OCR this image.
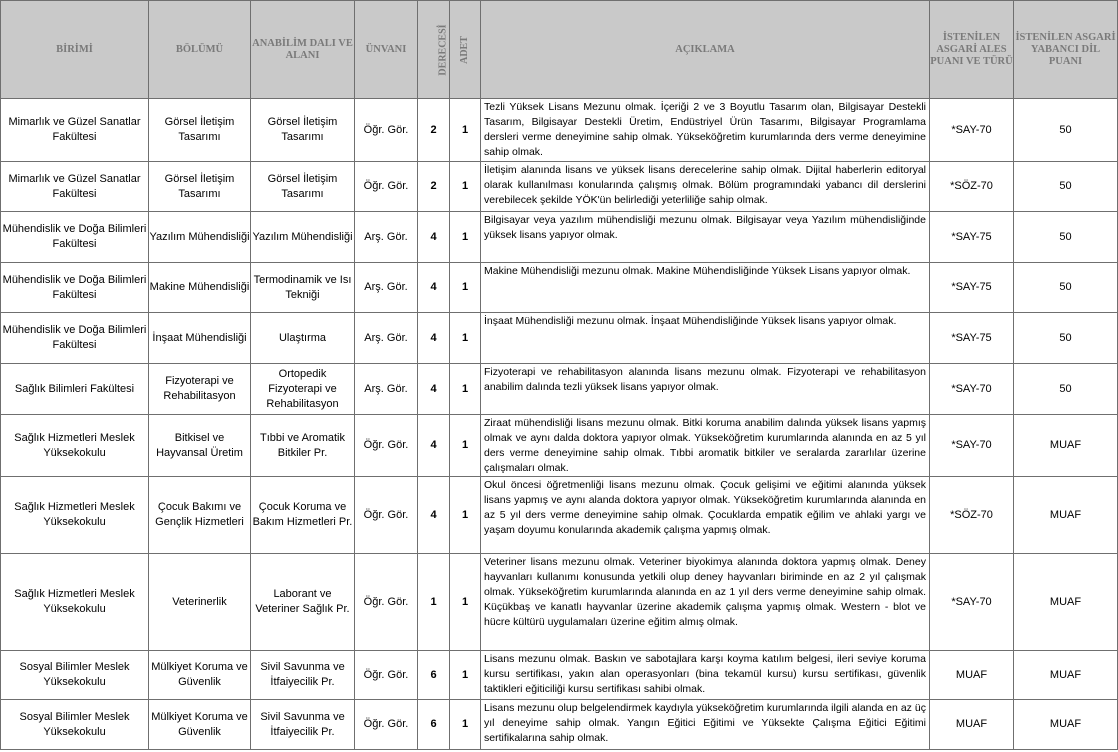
BİRİMİ	BÖLÜMÜ	ANABİLİM DALI VE ALANI	ÜNVANI	DERECESİ	ADET	AÇIKLAMA	İSTENİLEN ASGARİ ALES PUANI VE TÜRÜ	İSTENİLEN ASGARİ YABANCI DİL PUANI
Mimarlık ve Güzel Sanatlar Fakültesi	Görsel İletişim Tasarımı	Görsel İletişim Tasarımı	Öğr. Gör.	2	1	Tezli Yüksek Lisans Mezunu olmak. İçeriği 2 ve 3 Boyutlu Tasarım olan, Bilgisayar Destekli Tasarım, Bilgisayar Destekli Üretim, Endüstriyel Ürün Tasarımı, Bilgisayar Programlama dersleri verme deneyimine sahip olmak. Yükseköğretim kurumlarında ders verme deneyimine sahip olmak.	*SAY-70	50
Mimarlık ve Güzel Sanatlar Fakültesi	Görsel İletişim Tasarımı	Görsel İletişim Tasarımı	Öğr. Gör.	2	1	İletişim alanında lisans ve yüksek lisans derecelerine sahip olmak. Dijital haberlerin editoryal olarak kullanılması konularında çalışmış olmak. Bölüm programındaki yabancı dil derslerini verebilecek şekilde YÖK'ün belirlediği yeterliliğe sahip olmak.	*SÖZ-70	50
Mühendislik ve Doğa Bilimleri Fakültesi	Yazılım Mühendisliği	Yazılım Mühendisliği	Arş. Gör.	4	1	Bilgisayar veya yazılım mühendisliği mezunu olmak. Bilgisayar veya Yazılım mühendisliğinde yüksek lisans yapıyor olmak.	*SAY-75	50
Mühendislik ve Doğa Bilimleri Fakültesi	Makine Mühendisliği	Termodinamik ve Isı Tekniği	Arş. Gör.	4	1	Makine Mühendisliği mezunu olmak. Makine Mühendisliğinde Yüksek Lisans yapıyor olmak.	*SAY-75	50
Mühendislik ve Doğa Bilimleri Fakültesi	İnşaat Mühendisliği	Ulaştırma	Arş. Gör.	4	1	İnşaat Mühendisliği mezunu olmak. İnşaat Mühendisliğinde Yüksek lisans yapıyor olmak.	*SAY-75	50
Sağlık Bilimleri Fakültesi	Fizyoterapi ve Rehabilitasyon	Ortopedik Fizyoterapi ve Rehabilitasyon	Arş. Gör.	4	1	Fizyoterapi ve rehabilitasyon alanında lisans mezunu olmak. Fizyoterapi ve rehabilitasyon anabilim dalında tezli yüksek lisans yapıyor olmak.	*SAY-70	50
Sağlık Hizmetleri Meslek Yüksekokulu	Bitkisel ve Hayvansal Üretim	Tıbbi ve Aromatik Bitkiler Pr.	Öğr. Gör.	4	1	Ziraat mühendisliği lisans mezunu olmak. Bitki koruma anabilim dalında yüksek lisans yapmış olmak ve aynı dalda doktora yapıyor olmak. Yükseköğretim kurumlarında alanında en az 5 yıl ders verme deneyimine sahip olmak. Tıbbi aromatik bitkiler ve seralarda zararlılar üzerine çalışmaları olmak.	*SAY-70	MUAF
Sağlık Hizmetleri Meslek Yüksekokulu	Çocuk Bakımı ve Gençlik Hizmetleri	Çocuk Koruma ve Bakım Hizmetleri Pr.	Öğr. Gör.	4	1	Okul öncesi öğretmenliği lisans mezunu olmak. Çocuk gelişimi ve eğitimi alanında yüksek lisans yapmış ve aynı alanda doktora yapıyor olmak. Yükseköğretim kurumlarında alanında en az 5 yıl ders verme deneyimine sahip olmak. Çocuklarda empatik eğilim ve ahlaki yargı ve yaşam doyumu konularında akademik çalışma yapmış olmak.	*SÖZ-70	MUAF
Sağlık Hizmetleri Meslek Yüksekokulu	Veterinerlik	Laborant ve Veteriner Sağlık Pr.	Öğr. Gör.	1	1	Veteriner lisans mezunu olmak. Veteriner biyokimya alanında doktora yapmış olmak. Deney hayvanları kullanımı konusunda yetkili olup deney hayvanları biriminde en az 2 yıl çalışmak olmak. Yükseköğretim kurumlarında alanında en az 1 yıl ders verme deneyimine sahip olmak. Küçükbaş ve kanatlı hayvanlar üzerine akademik çalışma yapmış olmak. Western - blot ve hücre kültürü uygulamaları üzerine eğitim almış olmak.	*SAY-70	MUAF
Sosyal Bilimler Meslek Yüksekokulu	Mülkiyet Koruma ve Güvenlik	Sivil Savunma ve İtfaiyecilik Pr.	Öğr. Gör.	6	1	Lisans mezunu olmak. Baskın ve sabotajlara karşı koyma katılım belgesi, ileri seviye koruma kursu sertifikası, yakın alan operasyonları (bina tekamül kursu) kursu sertifikası, güvenlik taktikleri eğiticiliği kursu sertifikası sahibi olmak.	MUAF	MUAF
Sosyal Bilimler Meslek Yüksekokulu	Mülkiyet Koruma ve Güvenlik	Sivil Savunma ve İtfaiyecilik Pr.	Öğr. Gör.	6	1	Lisans mezunu olup belgelendirmek kaydıyla yükseköğretim kurumlarında ilgili alanda en az üç yıl deneyime sahip olmak. Yangın Eğitici Eğitimi ve Yüksekte Çalışma Eğitici Eğitimi sertifikalarına sahip olmak.	MUAF	MUAF
